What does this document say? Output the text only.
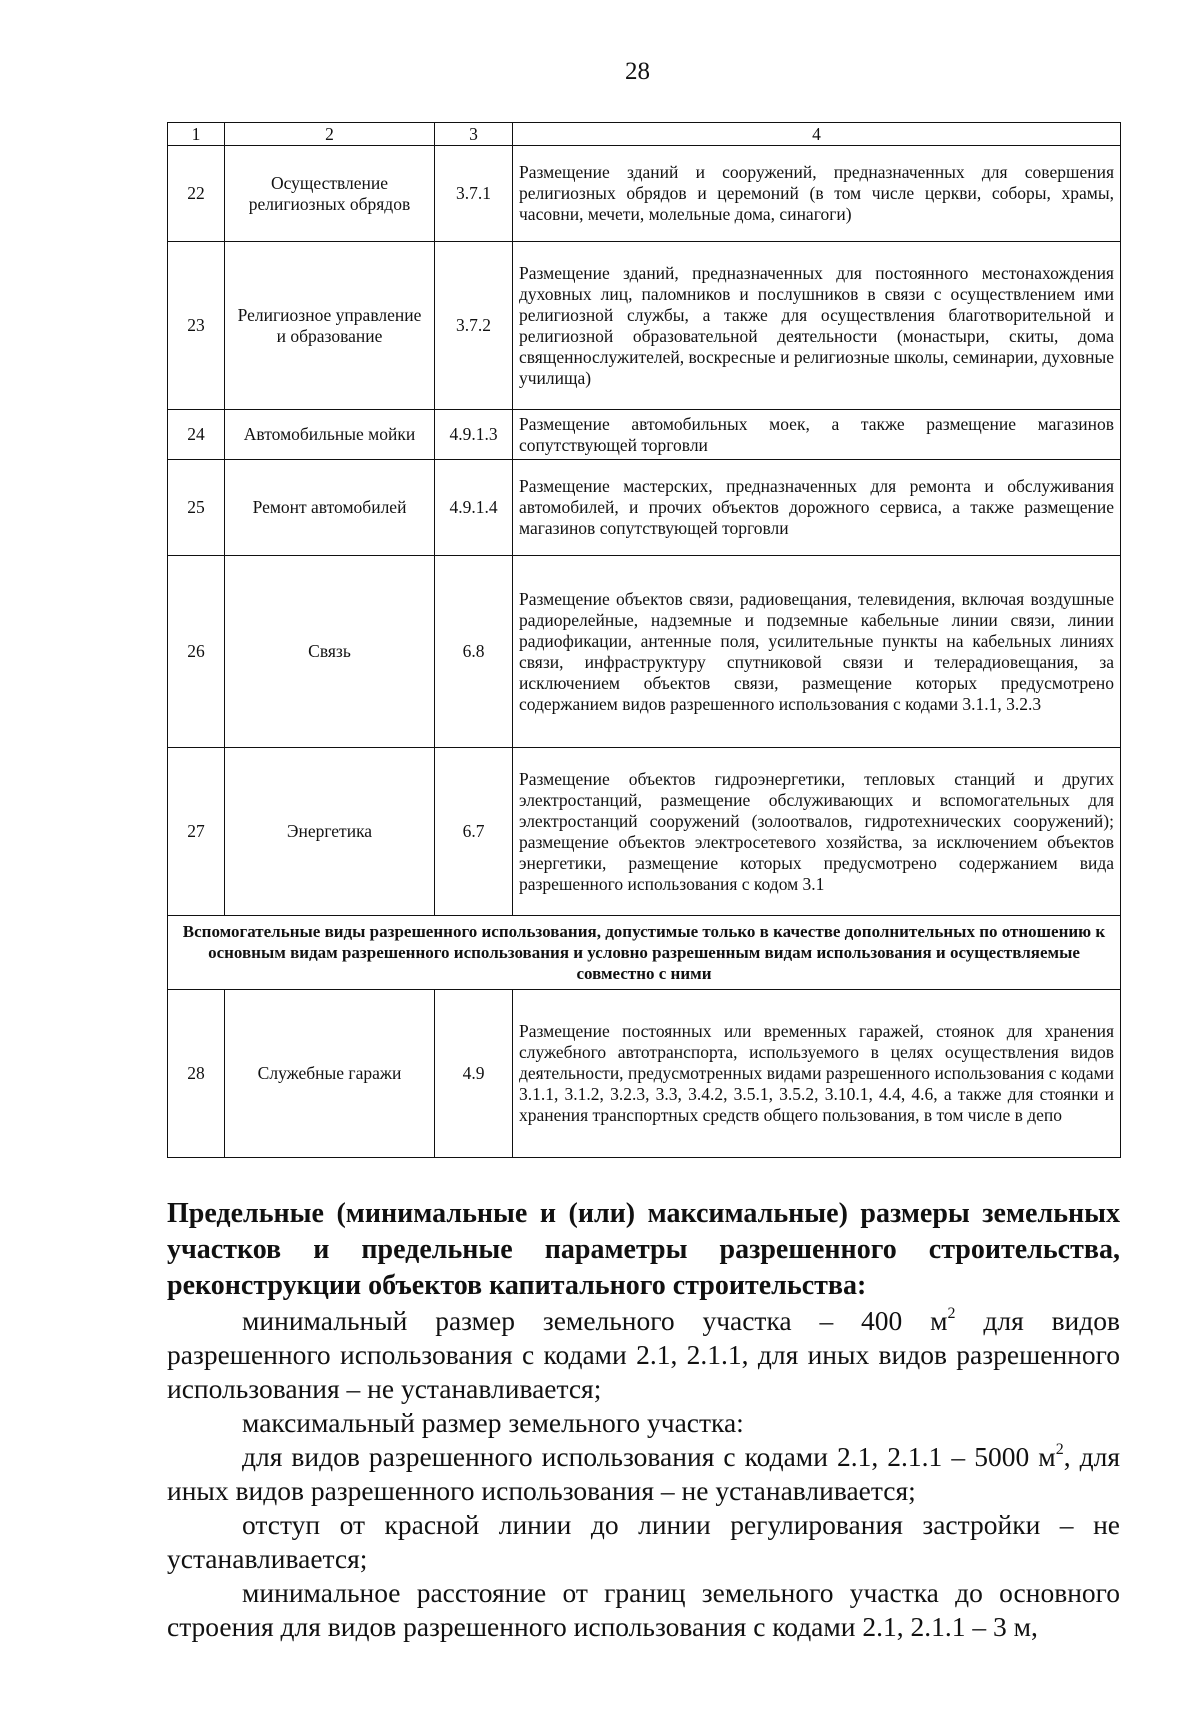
28
1	2	3	4
22	Осуществление религиозных обрядов	3.7.1	Размещение зданий и сооружений, предназначенных для совершения религиозных обрядов и церемоний (в том числе церкви, соборы, храмы, часовни, мечети, молельные дома, синагоги)
23	Религиозное управление и образование	3.7.2	Размещение зданий, предназначенных для постоянного местонахождения духовных лиц, паломников и послушников в связи с осуществлением ими религиозной службы, а также для осуществления благотворительной и религиозной образовательной деятельности (монастыри, скиты, дома священнослужителей, воскресные и религиозные школы, семинарии, духовные училища)
24	Автомобильные мойки	4.9.1.3	Размещение автомобильных моек, а также размещение магазинов сопутствующей торговли
25	Ремонт автомобилей	4.9.1.4	Размещение мастерских, предназначенных для ремонта и обслуживания автомобилей, и прочих объектов дорожного сервиса, а также размещение магазинов сопутствующей торговли
26	Связь	6.8	Размещение объектов связи, радиовещания, телевидения, включая воздушные радиорелейные, надземные и подземные кабельные линии связи, линии радиофикации, антенные поля, усилительные пункты на кабельных линиях связи, инфраструктуру спутниковой связи и телерадиовещания, за исключением объектов связи, размещение которых предусмотрено содержанием видов разрешенного использования с кодами 3.1.1, 3.2.3
27	Энергетика	6.7	Размещение объектов гидроэнергетики, тепловых станций и других электростанций, размещение обслуживающих и вспомогательных для электростанций сооружений (золоотвалов, гидротехнических сооружений); размещение объектов электросетевого хозяйства, за исключением объектов энергетики, размещение которых предусмотрено содержанием вида разрешенного использования с кодом 3.1
Вспомогательные виды разрешенного использования, допустимые только в качестве дополнительных по отношению к основным видам разрешенного использования и условно разрешенным видам использования и осуществляемые совместно с ними			
28	Служебные гаражи	4.9	Размещение постоянных или временных гаражей, стоянок для хранения служебного автотранспорта, используемого в целях осуществления видов деятельности, предусмотренных видами разрешенного использования с кодами 3.1.1, 3.1.2, 3.2.3, 3.3, 3.4.2, 3.5.1, 3.5.2, 3.10.1, 4.4, 4.6, а также для стоянки и хранения транспортных средств общего пользования, в том числе в депо

Предельные (минимальные и (или) максимальные) размеры земельных участков и предельные параметры разрешенного строительства, реконструкции объектов капитального строительства:

минимальный размер земельного участка – 400 $м^2$ для видов разрешенного использования с кодами 2.1, 2.1.1, для иных видов разрешенного использования – не устанавливается;

максимальный размер земельного участка:

для видов разрешенного использования с кодами 2.1, 2.1.1 – 5000 $м^2$, для иных видов разрешенного использования – не устанавливается;

отступ от красной линии до линии регулирования застройки – не устанавливается;

минимальное расстояние от границ земельного участка до основного строения для видов разрешенного использования с кодами 2.1, 2.1.1 – 3 м,
